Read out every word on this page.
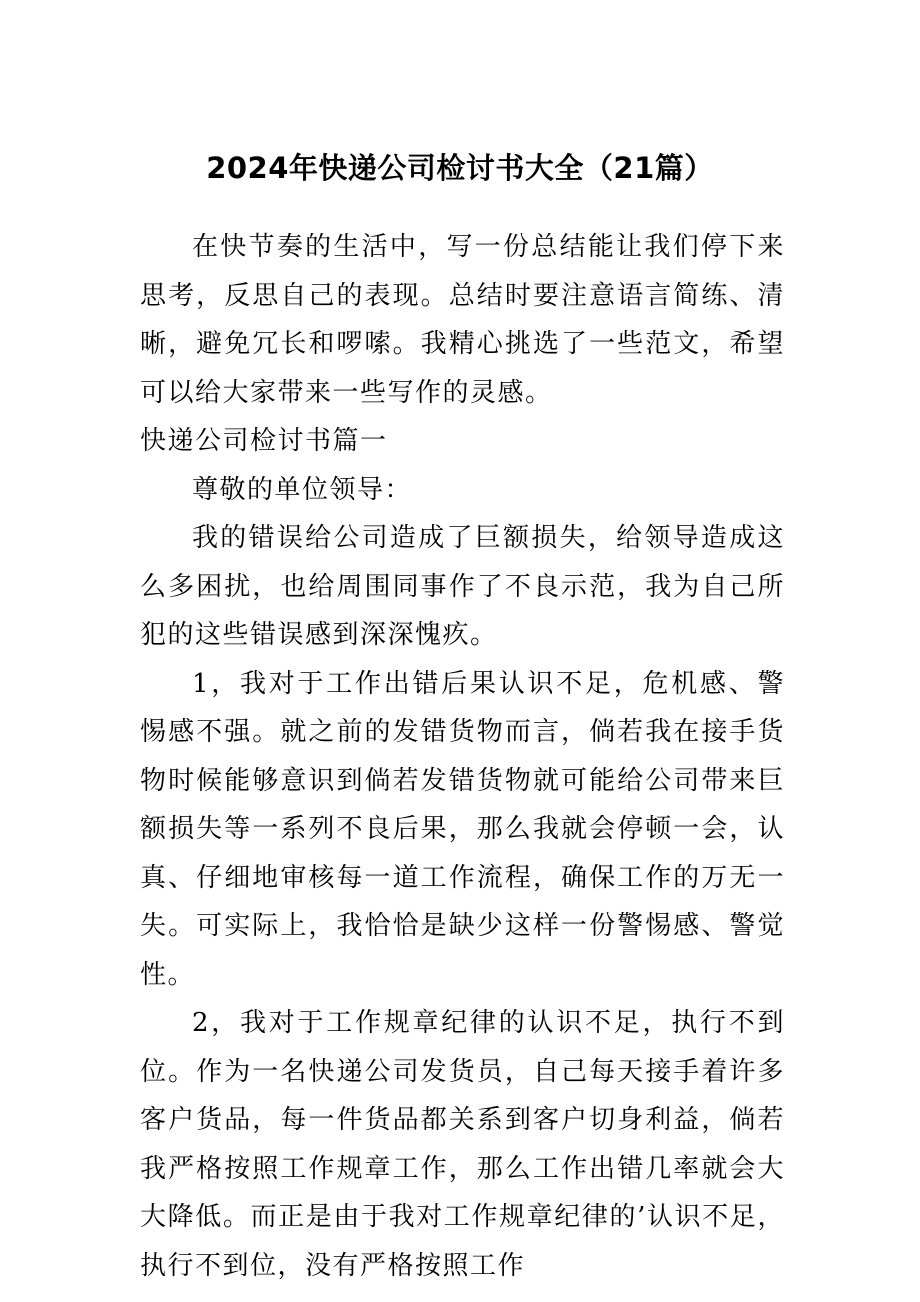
2024年快递公司检讨书大全（21篇）

在快节奏的生活中，写一份总结能让我们停下来思考，反思自己的表现。总结时要注意语言简练、清晰，避免冗长和啰嗦。我精心挑选了一些范文，希望可以给大家带来一些写作的灵感。

快递公司检讨书篇一

尊敬的单位领导：

我的错误给公司造成了巨额损失，给领导造成这么多困扰，也给周围同事作了不良示范，我为自己所犯的这些错误感到深深愧疚。

1，我对于工作出错后果认识不足，危机感、警惕感不强。就之前的发错货物而言，倘若我在接手货物时候能够意识到倘若发错货物就可能给公司带来巨额损失等一系列不良后果，那么我就会停顿一会，认真、仔细地审核每一道工作流程，确保工作的万无一失。可实际上，我恰恰是缺少这样一份警惕感、警觉性。

2，我对于工作规章纪律的认识不足，执行不到位。作为一名快递公司发货员，自己每天接手着许多客户货品，每一件货品都关系到客户切身利益，倘若我严格按照工作规章工作，那么工作出错几率就会大大降低。而正是由于我对工作规章纪律的’认识不足，执行不到位，没有严格按照工作
